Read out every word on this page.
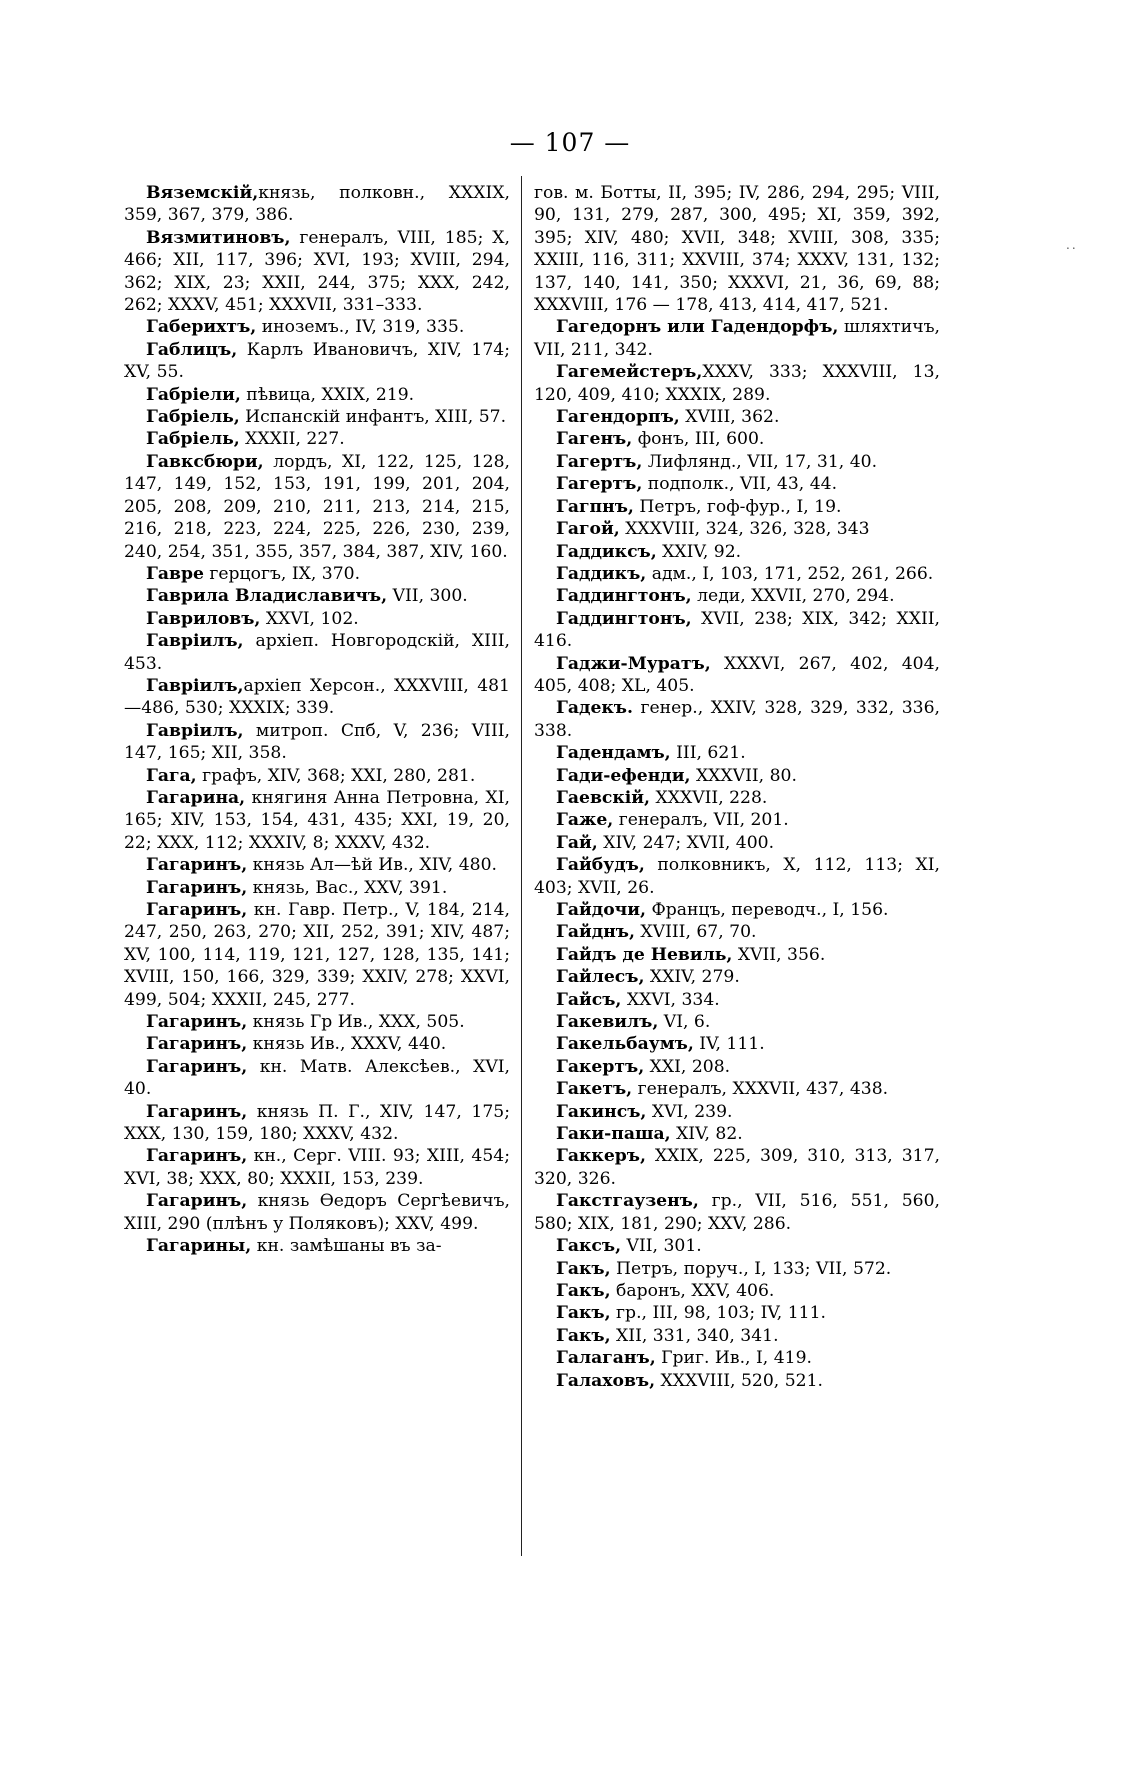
— 107 —
..

Вяземскій,князь, полковн., XXXIX, 359, 367, 379, 386.

Вязмитиновъ, генералъ, VIII, 185; X, 466; XII, 117, 396; XVI, 193; XVIII, 294, 362; XIX, 23; XXII, 244, 375; XXX, 242, 262; XXXV, 451; XXXVII, 331–333.

Габерихтъ, иноземъ., IV, 319, 335.

Габлицъ, Карлъ Ивановичъ, XIV, 174; XV, 55.

Габріели, пѣвица, XXIX, 219.

Габріель, Испанскій инфантъ, XIII, 57.

Габріель, XXXII, 227.

Гавксбюри, лордъ, XI, 122, 125, 128, 147, 149, 152, 153, 191, 199, 201, 204, 205, 208, 209, 210, 211, 213, 214, 215, 216, 218, 223, 224, 225, 226, 230, 239, 240, 254, 351, 355, 357, 384, 387, XIV, 160.

Гавре герцогъ, IX, 370.

Гаврила Владиславичъ, VII, 300.

Гавриловъ, XXVI, 102.

Гавріилъ, архіеп. Новгородскій, XIII, 453.

Гавріилъ,архіеп Херсон., XXXVIII, 481—486, 530; XXXIX; 339.

Гавріилъ, митроп. Спб, V, 236; VIII, 147, 165; XII, 358.

Гага, графъ, XIV, 368; XXI, 280, 281.

Гагарина, княгиня Анна Петровна, XI, 165; XIV, 153, 154, 431, 435; XXI, 19, 20, 22; XXX, 112; XXXIV, 8; XXXV, 432.

Гагаринъ, князь Ал—ѣй Ив., XIV, 480.

Гагаринъ, князь, Вас., XXV, 391.

Гагаринъ, кн. Гавр. Петр., V, 184, 214, 247, 250, 263, 270; XII, 252, 391; XIV, 487; XV, 100, 114, 119, 121, 127, 128, 135, 141; XVIII, 150, 166, 329, 339; XXIV, 278; XXVI, 499, 504; XXXII, 245, 277.

Гагаринъ, князь Гр Ив., XXX, 505.

Гагаринъ, князь Ив., XXXV, 440.

Гагаринъ, кн. Матв. Алексѣев., XVI, 40.

Гагаринъ, князь П. Г., XIV, 147, 175; XXX, 130, 159, 180; XXXV, 432.

Гагаринъ, кн., Серг. VIII. 93; XIII, 454; XVI, 38; XXX, 80; XXXII, 153, 239.

Гагаринъ, князь Ѳедоръ Сергѣевичъ, XIII, 290 (плѣнъ у Поляковъ); XXV, 499.

Гагарины, кн. замѣшаны въ за-

гов. м. Ботты, II, 395; IV, 286, 294, 295; VIII, 90, 131, 279, 287, 300, 495; XI, 359, 392, 395; XIV, 480; XVII, 348; XVIII, 308, 335; XXIII, 116, 311; XXVIII, 374; XXXV, 131, 132; 137, 140, 141, 350; XXXVI, 21, 36, 69, 88; XXXVIII, 176 — 178, 413, 414, 417, 521.

Гагедорнъ или Гадендорфъ, шляхтичъ, VII, 211, 342.

Гагемейстеръ,XXXV, 333; XXXVIII, 13, 120, 409, 410; XXXIX, 289.

Гагендорпъ, XVIII, 362.

Гагенъ, фонъ, III, 600.

Гагертъ, Лифлянд., VII, 17, 31, 40.

Гагертъ, подполк., VII, 43, 44.

Гагпнъ, Петръ, гоф-фур., I, 19.

Гагой, XXXVIII, 324, 326, 328, 343

Гаддиксъ, XXIV, 92.

Гаддикъ, адм., I, 103, 171, 252, 261, 266.

Гаддингтонъ, леди, XXVII, 270, 294.

Гаддингтонъ, XVII, 238; XIX, 342; XXII, 416.

Гаджи-Муратъ, XXXVI, 267, 402, 404, 405, 408; XL, 405.

Гадекъ. генер., XXIV, 328, 329, 332, 336, 338.

Гадендамъ, III, 621.

Гади-ефенди, XXXVII, 80.

Гаевскій, XXXVII, 228.

Гаже, генералъ, VII, 201.

Гай, XIV, 247; XVII, 400.

Гайбудъ, полковникъ, X, 112, 113; XI, 403; XVII, 26.

Гайдочи, Францъ, переводч., I, 156.

Гайднъ, XVIII, 67, 70.

Гайдъ де Невиль, XVII, 356.

Гайлесъ, XXIV, 279.

Гайсъ, XXVI, 334.

Гакевилъ, VI, 6.

Гакельбаумъ, IV, 111.

Гакертъ, XXI, 208.

Гакетъ, генералъ, XXXVII, 437, 438.

Гакинсъ, XVI, 239.

Гаки-паша, XIV, 82.

Гаккеръ, XXIX, 225, 309, 310, 313, 317, 320, 326.

Гакстгаузенъ, гр., VII, 516, 551, 560, 580; XIX, 181, 290; XXV, 286.

Гаксъ, VII, 301.

Гакъ, Петръ, поруч., I, 133; VII, 572.

Гакъ, баронъ, XXV, 406.

Гакъ, гр., III, 98, 103; IV, 111.

Гакъ, XII, 331, 340, 341.

Галаганъ, Григ. Ив., I, 419.

Галаховъ, XXXVIII, 520, 521.
